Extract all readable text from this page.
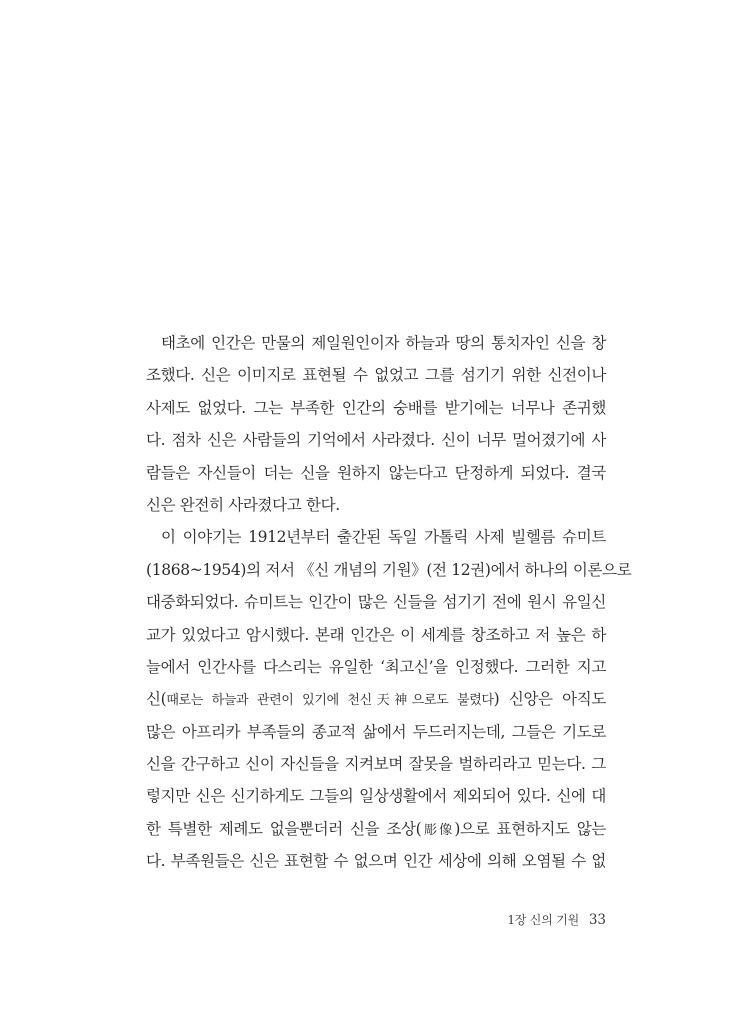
태초에 인간은 만물의 제일원인이자 하늘과 땅의 통치자인 신을 창
조했다. 신은 이미지로 표현될 수 없었고 그를 섬기기 위한 신전이나
사제도 없었다. 그는 부족한 인간의 숭배를 받기에는 너무나 존귀했
다. 점차 신은 사람들의 기억에서 사라졌다. 신이 너무 멀어졌기에 사
람들은 자신들이 더는 신을 원하지 않는다고 단정하게 되었다. 결국
신은 완전히 사라졌다고 한다.
이 이야기는 1912년부터 출간된 독일 가톨릭 사제 빌헬름 슈미트
(1868~1954)의 저서 《신 개념의 기원》(전 12권)에서 하나의 이론으로
대중화되었다. 슈미트는 인간이 많은 신들을 섬기기 전에 원시 유일신
교가 있었다고 암시했다. 본래 인간은 이 세계를 창조하고 저 높은 하
늘에서 인간사를 다스리는 유일한 ‘최고신’을 인정했다. 그러한 지고
신(때로는 하늘과 관련이 있기에 천신天神으로도 불렸다) 신앙은 아직도
많은 아프리카 부족들의 종교적 삶에서 두드러지는데, 그들은 기도로
신을 간구하고 신이 자신들을 지켜보며 잘못을 벌하리라고 믿는다. 그
렇지만 신은 신기하게도 그들의 일상생활에서 제외되어 있다. 신에 대
한 특별한 제례도 없을뿐더러 신을 조상(彫像)으로 표현하지도 않는
다. 부족원들은 신은 표현할 수 없으며 인간 세상에 의해 오염될 수 없
1장 신의 기원 33
